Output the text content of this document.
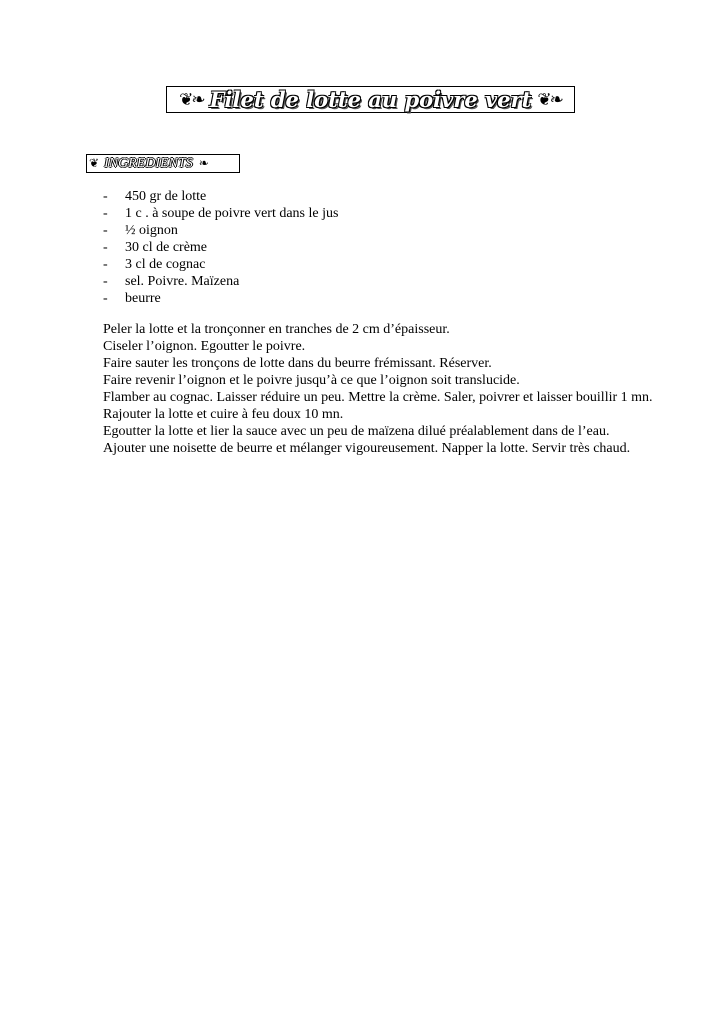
❦❧ Filet de lotte au poivre vert ❦❧
❦ INGREDIENTS ❧
-	450 gr de lotte
-	1 c . à soupe de poivre vert dans le jus
-	½ oignon
-	30 cl de crème
-	3 cl de cognac
-	sel. Poivre. Maïzena
-	beurre

Peler la lotte et la tronçonner en tranches de 2 cm d’épaisseur.

Ciseler l’oignon. Egoutter le poivre.

Faire sauter les tronçons de lotte dans du beurre frémissant. Réserver.

Faire revenir l’oignon et le poivre jusqu’à ce que l’oignon soit translucide.

Flamber au cognac. Laisser réduire un peu. Mettre la crème. Saler, poivrer et laisser bouillir 1 mn.

Rajouter la lotte et cuire à feu doux 10 mn.

Egoutter la lotte et lier la sauce avec un peu de maïzena dilué préalablement dans de l’eau.

Ajouter une noisette de beurre et mélanger vigoureusement. Napper la lotte. Servir très chaud.
